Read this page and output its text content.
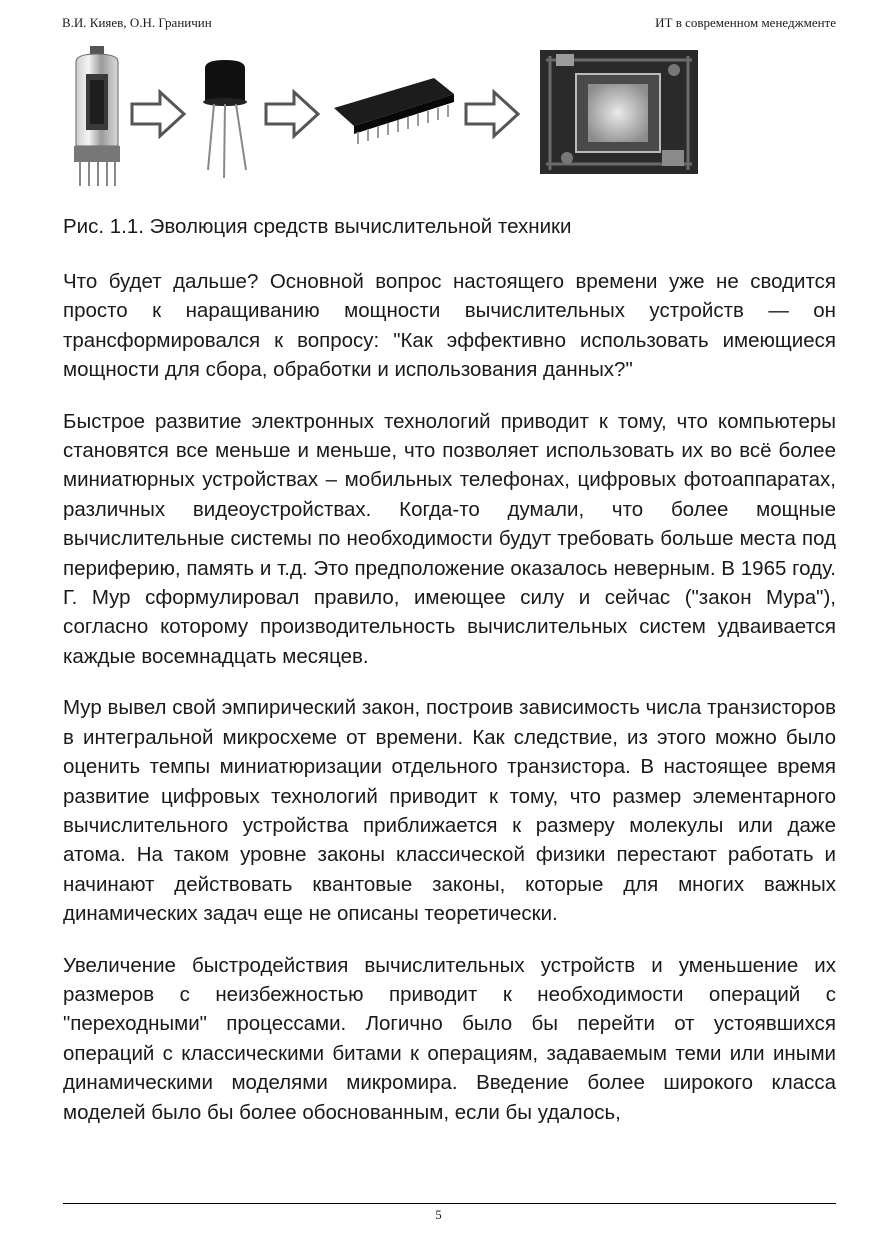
В.И. Кияев, О.Н. Граничин	ИТ в современном менеджменте
Рис. 1.1. Эволюция средств вычислительной техники

Что будет дальше? Основной вопрос настоящего времени уже не сводится просто к наращиванию мощности вычислительных устройств — он трансформировался к вопросу: "Как эффективно использовать имеющиеся мощности для сбора, обработки и использования данных?"

Быстрое развитие электронных технологий приводит к тому, что компьютеры становятся все меньше и меньше, что позволяет использовать их во всё более миниатюрных устройствах – мобильных телефонах, цифровых фотоаппаратах, различных видеоустройствах. Когда-то думали, что более мощные вычислительные системы по необходимости будут требовать больше места под периферию, память и т.д. Это предположение оказалось неверным. В 1965 году. Г. Мур сформулировал правило, имеющее силу и сейчас ("закон Мура"), согласно которому производительность вычислительных систем удваивается каждые восемнадцать месяцев.

Мур вывел свой эмпирический закон, построив зависимость числа транзисторов в интегральной микросхеме от времени. Как следствие, из этого можно было оценить темпы миниатюризации отдельного транзистора. В настоящее время развитие цифровых технологий приводит к тому, что размер элементарного вычислительного устройства приближается к размеру молекулы или даже атома. На таком уровне законы классической физики перестают работать и начинают действовать квантовые законы, которые для многих важных динамических задач еще не описаны теоретически.

Увеличение быстродействия вычислительных устройств и уменьшение их размеров с неизбежностью приводит к необходимости операций с "переходными" процессами. Логично было бы перейти от устоявшихся операций с классическими битами к операциям, задаваемым теми или иными динамическими моделями микромира. Введение более широкого класса моделей было бы более обоснованным, если бы удалось,

5
